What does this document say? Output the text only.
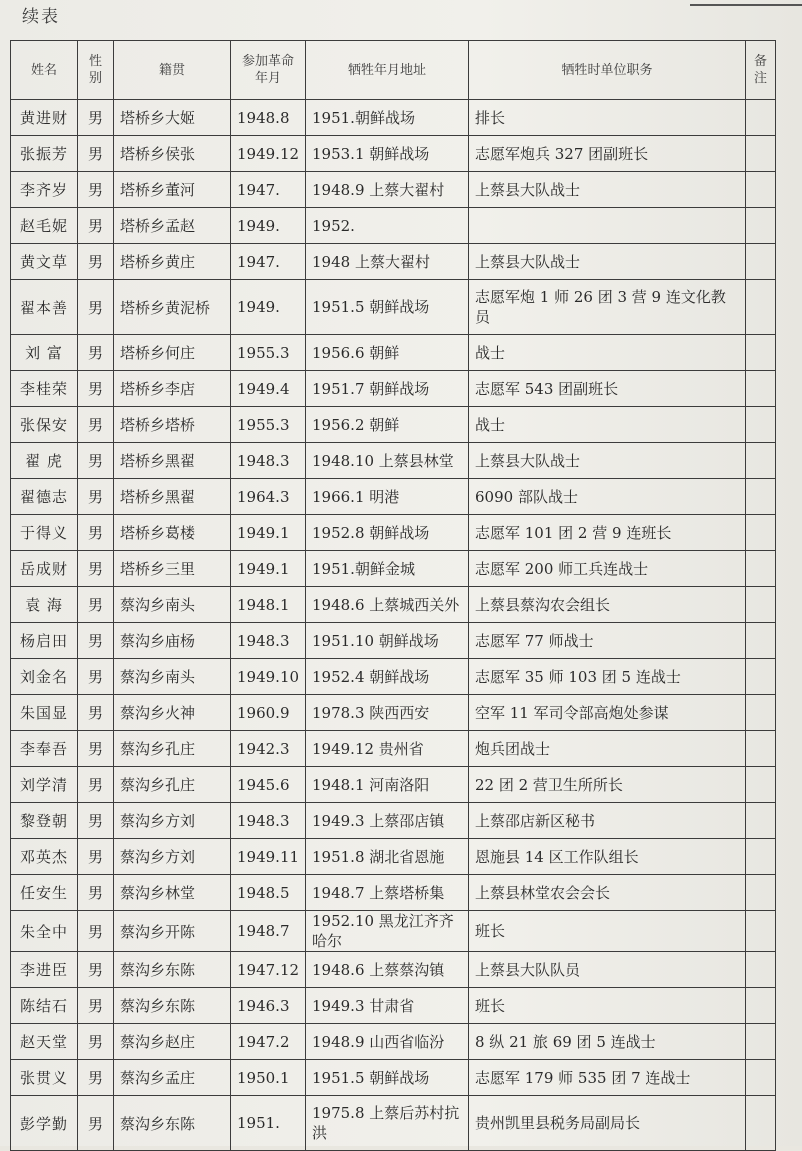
续表
姓名	性别	籍贯	参加革命年月	牺牲年月地址	牺牲时单位职务	备注
黄进财	男	塔桥乡大姬	1948.8	1951.朝鲜战场	排长	
张振芳	男	塔桥乡侯张	1949.12	1953.1 朝鲜战场	志愿军炮兵 327 团副班长	
李齐岁	男	塔桥乡董河	1947.	1948.9 上蔡大翟村	上蔡县大队战士	
赵毛妮	男	塔桥乡孟赵	1949.	1952.		
黄文草	男	塔桥乡黄庄	1947.	1948 上蔡大翟村	上蔡县大队战士	
翟本善	男	塔桥乡黄泥桥	1949.	1951.5 朝鲜战场	志愿军炮 1 师 26 团 3 营 9 连文化教员	
刘 富	男	塔桥乡何庄	1955.3	1956.6 朝鲜	战士	
李桂荣	男	塔桥乡李店	1949.4	1951.7 朝鲜战场	志愿军 543 团副班长	
张保安	男	塔桥乡塔桥	1955.3	1956.2 朝鲜	战士	
翟 虎	男	塔桥乡黑翟	1948.3	1948.10 上蔡县林堂	上蔡县大队战士	
翟德志	男	塔桥乡黑翟	1964.3	1966.1 明港	6090 部队战士	
于得义	男	塔桥乡葛楼	1949.1	1952.8 朝鲜战场	志愿军 101 团 2 营 9 连班长	
岳成财	男	塔桥乡三里	1949.1	1951.朝鲜金城	志愿军 200 师工兵连战士	
袁 海	男	蔡沟乡南头	1948.1	1948.6 上蔡城西关外	上蔡县蔡沟农会组长	
杨启田	男	蔡沟乡庙杨	1948.3	1951.10 朝鲜战场	志愿军 77 师战士	
刘金名	男	蔡沟乡南头	1949.10	1952.4 朝鲜战场	志愿军 35 师 103 团 5 连战士	
朱国显	男	蔡沟乡火神	1960.9	1978.3 陕西西安	空军 11 军司令部高炮处参谋	
李奉吾	男	蔡沟乡孔庄	1942.3	1949.12 贵州省	炮兵团战士	
刘学清	男	蔡沟乡孔庄	1945.6	1948.1 河南洛阳	22 团 2 营卫生所所长	
黎登朝	男	蔡沟乡方刘	1948.3	1949.3 上蔡邵店镇	上蔡邵店新区秘书	
邓英杰	男	蔡沟乡方刘	1949.11	1951.8 湖北省恩施	恩施县 14 区工作队组长	
任安生	男	蔡沟乡林堂	1948.5	1948.7 上蔡塔桥集	上蔡县林堂农会会长	
朱全中	男	蔡沟乡开陈	1948.7	1952.10 黑龙江齐齐哈尔	班长	
李进臣	男	蔡沟乡东陈	1947.12	1948.6 上蔡蔡沟镇	上蔡县大队队员	
陈结石	男	蔡沟乡东陈	1946.3	1949.3 甘肃省	班长	
赵天堂	男	蔡沟乡赵庄	1947.2	1948.9 山西省临汾	8 纵 21 旅 69 团 5 连战士	
张贯义	男	蔡沟乡孟庄	1950.1	1951.5 朝鲜战场	志愿军 179 师 535 团 7 连战士	
彭学勤	男	蔡沟乡东陈	1951.	1975.8 上蔡后苏村抗洪	贵州凯里县税务局副局长	
